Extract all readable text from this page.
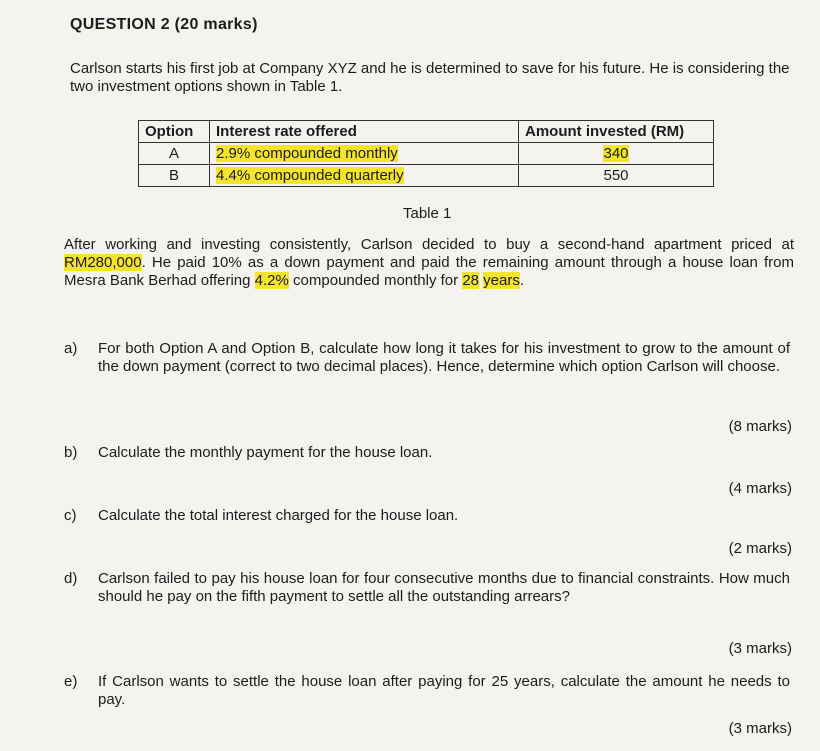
QUESTION 2 (20 marks)
Carlson starts his first job at Company XYZ and he is determined to save for his future. He is considering the two investment options shown in Table 1.
Option	Interest rate offered	Amount invested (RM)
A	2.9% compounded monthly	340
B	4.4% compounded quarterly	550
Table 1
After working and investing consistently, Carlson decided to buy a second-hand apartment priced at RM280,000. He paid 10% as a down payment and paid the remaining amount through a house loan from Mesra Bank Berhad offering 4.2% compounded monthly for 28 years.
a) For both Option A and Option B, calculate how long it takes for his investment to grow to the amount of the down payment (correct to two decimal places). Hence, determine which option Carlson will choose.
(8 marks)
b) Calculate the monthly payment for the house loan.
(4 marks)
c) Calculate the total interest charged for the house loan.
(2 marks)
d) Carlson failed to pay his house loan for four consecutive months due to financial constraints. How much should he pay on the fifth payment to settle all the outstanding arrears?
(3 marks)
e) If Carlson wants to settle the house loan after paying for 25 years, calculate the amount he needs to pay.
(3 marks)
